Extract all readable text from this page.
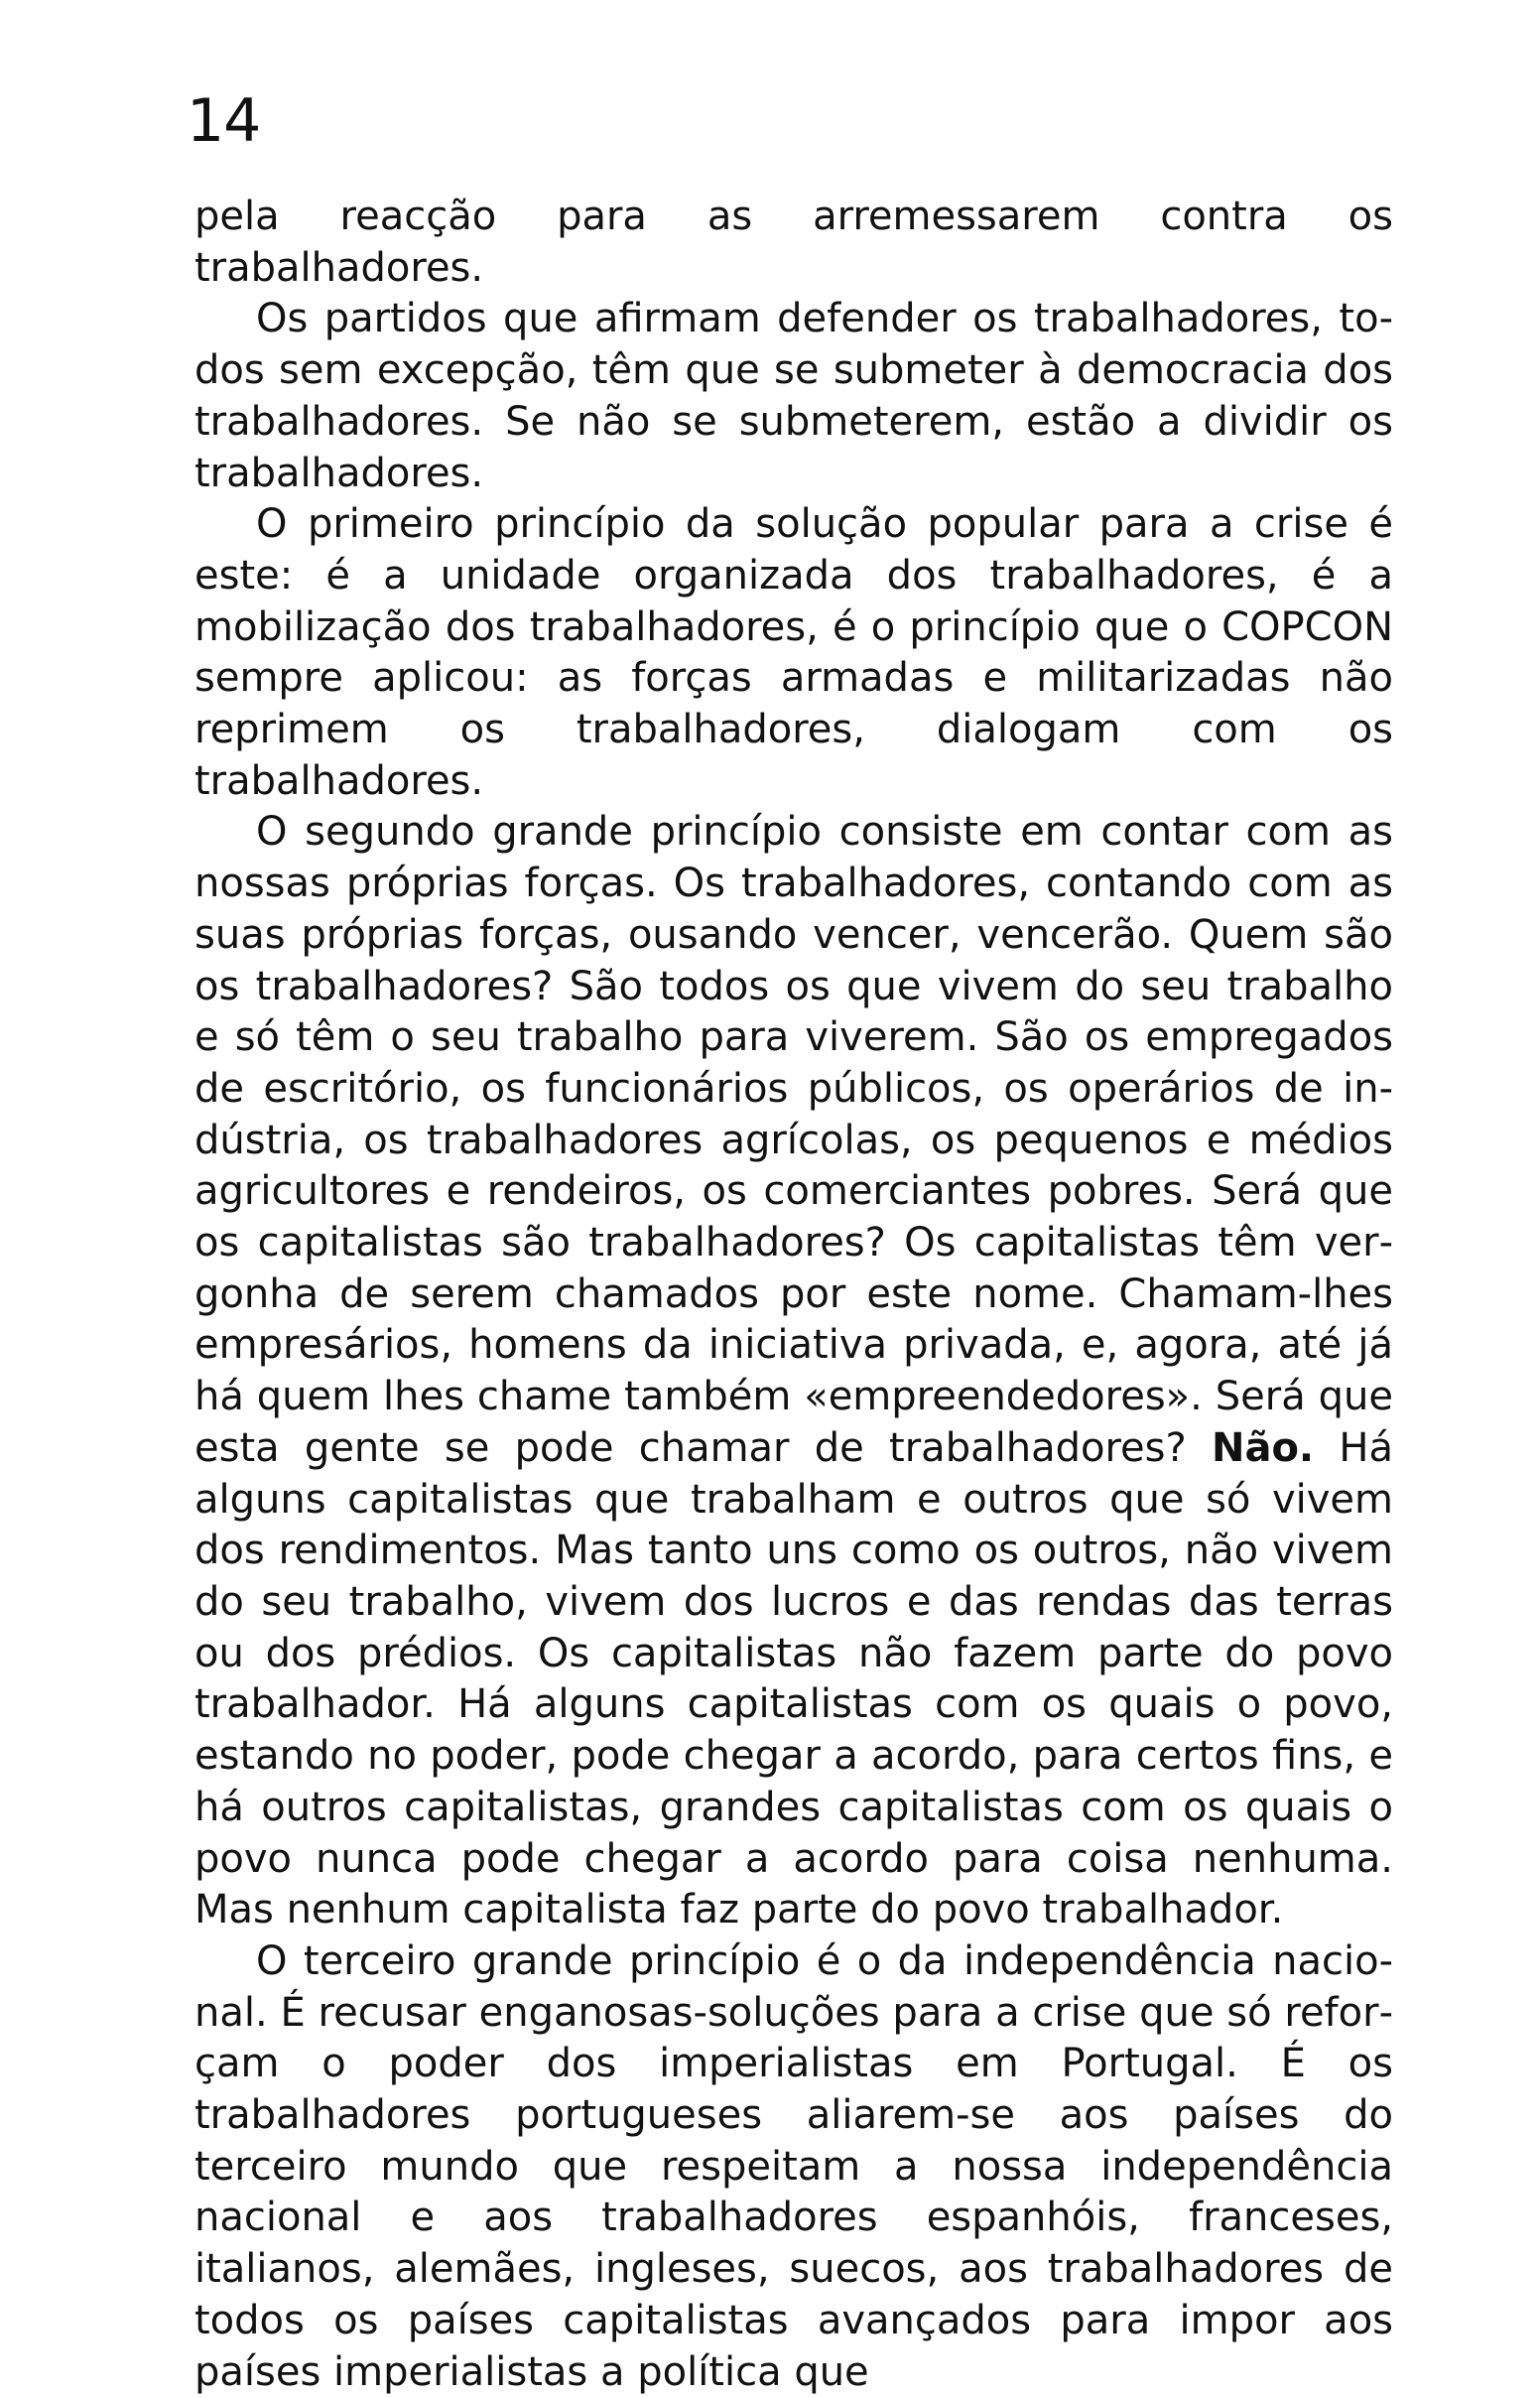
14

pela reacção para as arremessarem contra os trabalhadores.

Os partidos que afirmam defender os trabalhadores, todos sem excepção, têm que se submeter à democracia dos trabalhadores. Se não se submeterem, estão a dividir os trabalhadores.

O primeiro princípio da solução popular para a crise é este: é a unidade organizada dos trabalhadores, é a mobilização dos trabalhadores, é o princípio que o COPCON sempre aplicou: as forças armadas e militarizadas não reprimem os trabalhadores, dialogam com os trabalhadores.

O segundo grande princípio consiste em contar com as nossas próprias forças. Os trabalhadores, contando com as suas próprias forças, ousando vencer, vencerão. Quem são os trabalhadores? São todos os que vivem do seu trabalho e só têm o seu trabalho para viverem. São os empregados de escritório, os funcionários públicos, os operários de indústria, os trabalhadores agrícolas, os pequenos e médios agricultores e rendeiros, os comerciantes pobres. Será que os capitalistas são trabalhadores? Os capitalistas têm vergonha de serem chamados por este nome. Chamam-lhes empresários, homens da iniciativa privada, e, agora, até já há quem lhes chame também «empreendedores». Será que esta gente se pode chamar de trabalhadores? Não. Há alguns capitalistas que trabalham e outros que só vivem dos rendimentos. Mas tanto uns como os outros, não vivem do seu trabalho, vivem dos lucros e das rendas das terras ou dos prédios. Os capitalistas não fazem parte do povo trabalhador. Há alguns capitalistas com os quais o povo, estando no poder, pode chegar a acordo, para certos fins, e há outros capitalistas, grandes capitalistas com os quais o povo nunca pode chegar a acordo para coisa nenhuma. Mas nenhum capitalista faz parte do povo trabalhador.

O terceiro grande princípio é o da independência nacional. É recusar enganosas-soluções para a crise que só reforçam o poder dos imperialistas em Portugal. É os trabalhadores portugueses aliarem-se aos países do terceiro mundo que respeitam a nossa independência nacional e aos trabalhadores espanhóis, franceses, italianos, alemães, ingleses, suecos, aos trabalhadores de todos os países capitalistas avançados para impor aos países imperialistas a política que
